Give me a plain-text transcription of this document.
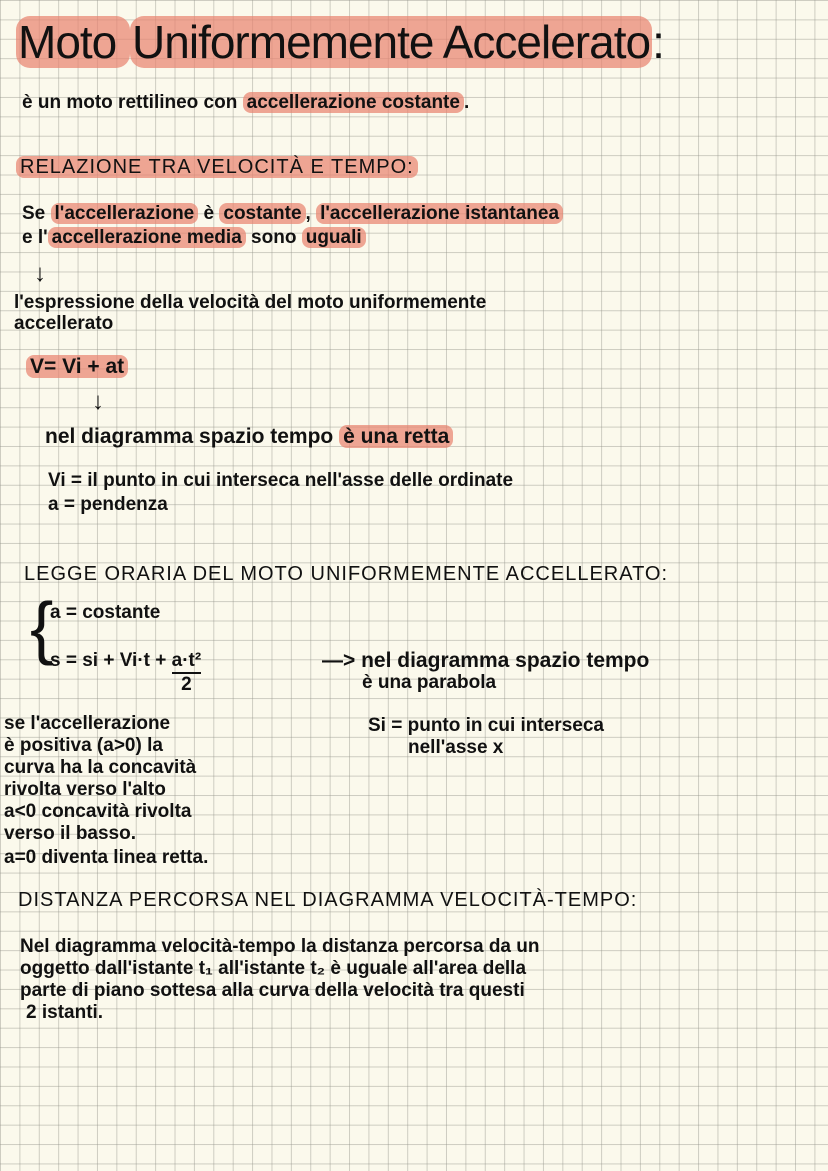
Moto Uniformemente Accelerato:
è un moto rettilineo con accellerazione costante .
RELAZIONE TRA VELOCITÀ E TEMPO:
Se l'accellerazione è costante , l'accellerazione istantanea
e l' accellerazione media sono uguali
↓
l'espressione della velocità del moto uniformemente
accellerato
V= Vi + at
↓
nel diagramma spazio tempo è una retta
Vi = il punto in cui interseca nell'asse delle ordinate
a = pendenza
LEGGE ORARIA DEL MOTO UNIFORMEMENTE ACCELLERATO:
{
a = costante
s = si + $Vi\cdot t + \frac{\text{a·t²}}{2}$	—> nel diagramma spazio tempo
è una parabola
Si = punto in cui interseca
nell'asse x
se l'accellerazione
è positiva (a>0) la
curva ha la concavità
rivolta verso l'alto
a<0 concavità rivolta
verso il basso.
a=0 diventa linea retta.
DISTANZA PERCORSA NEL DIAGRAMMA VELOCITÀ-TEMPO:
Nel diagramma velocità-tempo la distanza percorsa da un
oggetto dall'istante t₁ all'istante t₂ è uguale all'area della
parte di piano sottesa alla curva della velocità tra questi
2 istanti.
